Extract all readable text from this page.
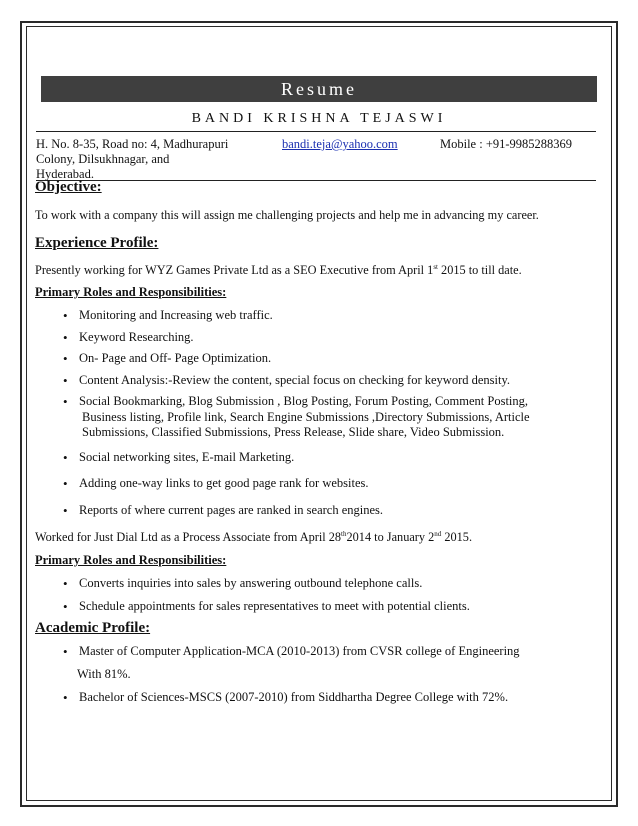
Resume
BANDI KRISHNA TEJASWI
H. No. 8-35, Road no: 4, Madhurapuri
Colony, Dilsukhnagar, and
Hyderabad.
bandi.teja@yahoo.com	Mobile : +91-9985288369
Objective:
To work with a company this will assign me challenging projects and help me in advancing my career.
Experience Profile:
Presently working for WYZ Games Private Ltd as a SEO Executive from April 1st 2015 to till date.
Primary Roles and Responsibilities:
• Monitoring and Increasing web traffic.
• Keyword Researching.
• On- Page and Off- Page Optimization.
• Content Analysis:-Review the content, special focus on checking for keyword density.
• Social Bookmarking, Blog Submission , Blog Posting, Forum Posting, Comment Posting,
Business listing, Profile link, Search Engine Submissions ,Directory Submissions, Article
Submissions, Classified Submissions, Press Release, Slide share, Video Submission.
• Social networking sites, E-mail Marketing.
• Adding one-way links to get good page rank for websites.
• Reports of where current pages are ranked in search engines.
Worked for Just Dial Ltd as a Process Associate from April 28th2014 to January 2nd 2015.
Primary Roles and Responsibilities:
• Converts inquiries into sales by answering outbound telephone calls.
• Schedule appointments for sales representatives to meet with potential clients.
Academic Profile:
• Master of Computer Application-MCA (2010-2013) from CVSR college of Engineering
With 81%.
• Bachelor of Sciences-MSCS (2007-2010) from Siddhartha Degree College with 72%.
